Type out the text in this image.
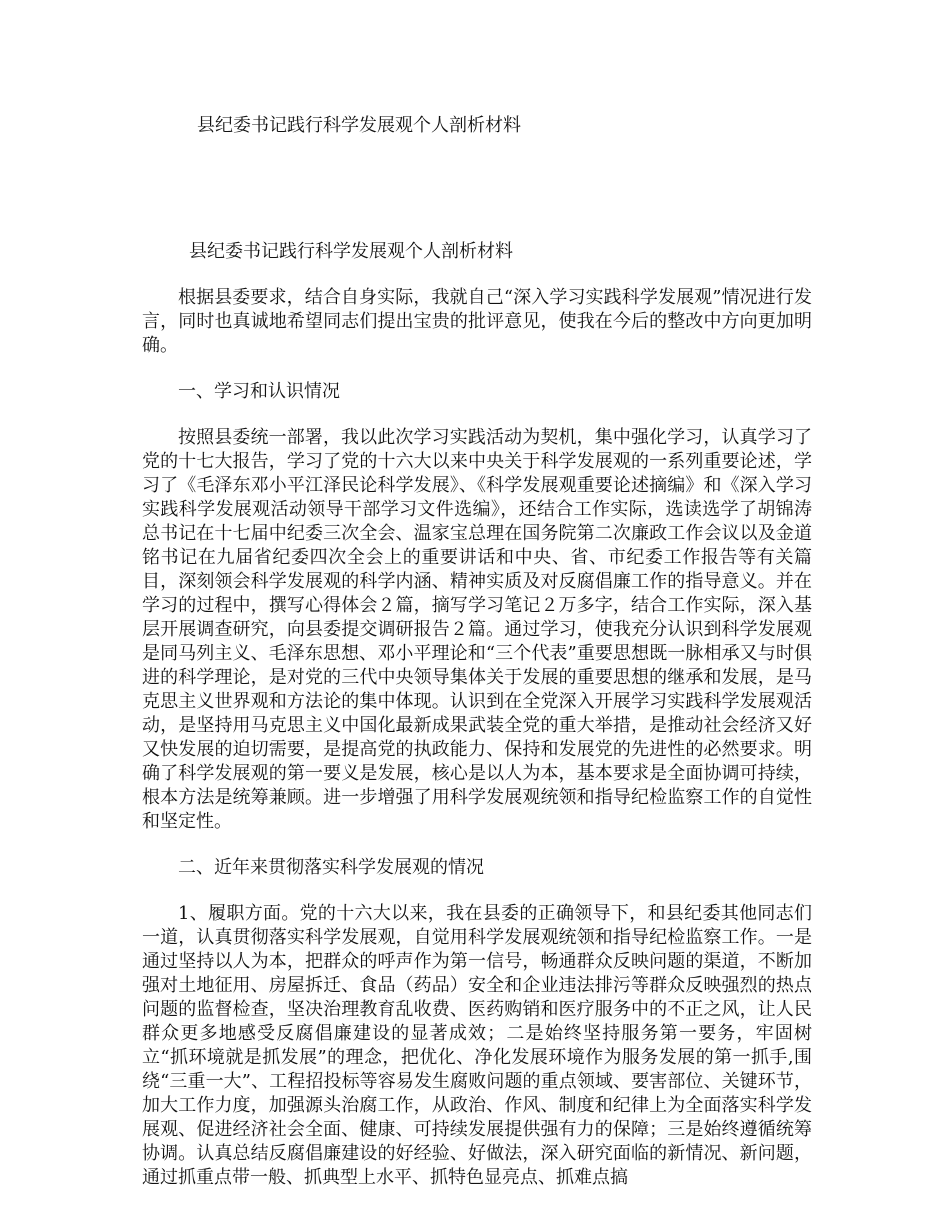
县纪委书记践行科学发展观个人剖析材料
县纪委书记践行科学发展观个人剖析材料

根据县委要求，结合自身实际，我就自己“深入学习实践科学发展观”情况进行发言，同时也真诚地希望同志们提出宝贵的批评意见，使我在今后的整改中方向更加明确。

一、学习和认识情况

按照县委统一部署，我以此次学习实践活动为契机，集中强化学习，认真学习了党的十七大报告，学习了党的十六大以来中央关于科学发展观的一系列重要论述，学习了《毛泽东邓小平江泽民论科学发展》、《科学发展观重要论述摘编》和《深入学习实践科学发展观活动领导干部学习文件选编》，还结合工作实际，选读选学了胡锦涛总书记在十七届中纪委三次全会、温家宝总理在国务院第二次廉政工作会议以及金道铭书记在九届省纪委四次全会上的重要讲话和中央、省、市纪委工作报告等有关篇目，深刻领会科学发展观的科学内涵、精神实质及对反腐倡廉工作的指导意义。并在学习的过程中，撰写心得体会２篇，摘写学习笔记２万多字，结合工作实际，深入基层开展调查研究，向县委提交调研报告２篇。通过学习，使我充分认识到科学发展观是同马列主义、毛泽东思想、邓小平理论和“三个代表”重要思想既一脉相承又与时俱进的科学理论，是对党的三代中央领导集体关于发展的重要思想的继承和发展，是马克思主义世界观和方法论的集中体现。认识到在全党深入开展学习实践科学发展观活动，是坚持用马克思主义中国化最新成果武装全党的重大举措，是推动社会经济又好又快发展的迫切需要，是提高党的执政能力、保持和发展党的先进性的必然要求。明确了科学发展观的第一要义是发展，核心是以人为本，基本要求是全面协调可持续，根本方法是统筹兼顾。进一步增强了用科学发展观统领和指导纪检监察工作的自觉性和坚定性。

二、近年来贯彻落实科学发展观的情况

1、履职方面。党的十六大以来，我在县委的正确领导下，和县纪委其他同志们一道，认真贯彻落实科学发展观，自觉用科学发展观统领和指导纪检监察工作。一是通过坚持以人为本，把群众的呼声作为第一信号，畅通群众反映问题的渠道，不断加强对土地征用、房屋拆迁、食品（药品）安全和企业违法排污等群众反映强烈的热点问题的监督检查，坚决治理教育乱收费、医药购销和医疗服务中的不正之风，让人民群众更多地感受反腐倡廉建设的显著成效；二是始终坚持服务第一要务，牢固树立“抓环境就是抓发展”的理念，把优化、净化发展环境作为服务发展的第一抓手,围绕“三重一大”、工程招投标等容易发生腐败问题的重点领域、要害部位、关键环节，加大工作力度，加强源头治腐工作，从政治、作风、制度和纪律上为全面落实科学发展观、促进经济社会全面、健康、可持续发展提供强有力的保障；三是始终遵循统筹协调。认真总结反腐倡廉建设的好经验、好做法，深入研究面临的新情况、新问题，通过抓重点带一般、抓典型上水平、抓特色显亮点、抓难点搞
